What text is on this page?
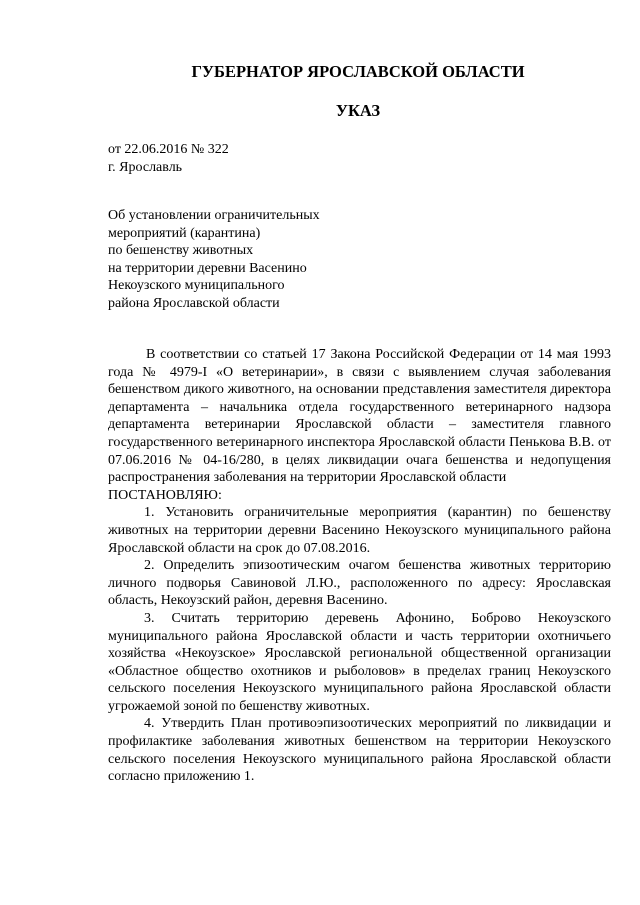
ГУБЕРНАТОР ЯРОСЛАВСКОЙ ОБЛАСТИ
УКАЗ
от 22.06.2016 № 322
г. Ярославль
Об установлении ограничительных
мероприятий (карантина)
по бешенству животных
на территории деревни Васенино
Некоузского муниципального
района Ярославской области

В соответствии со статьей 17 Закона Российской Федерации от 14 мая 1993 года № 4979-I «О ветеринарии», в связи с выявлением случая заболевания бешенством дикого животного, на основании представления заместителя директора департамента – начальника отдела государственного ветеринарного надзора департамента ветеринарии Ярославской области – заместителя главного государственного ветеринарного инспектора Ярославской области Пенькова В.В. от 07.06.2016 № 04-16/280, в целях ликвидации очага бешенства и недопущения распространения заболевания на территории Ярославской области

ПОСТАНОВЛЯЮ:

1. Установить ограничительные мероприятия (карантин) по бешенству животных на территории деревни Васенино Некоузского муниципального района Ярославской области на срок до 07.08.2016.

2. Определить эпизоотическим очагом бешенства животных территорию личного подворья Савиновой Л.Ю., расположенного по адресу: Ярославская область, Некоузский район, деревня Васенино.

3. Считать территорию деревень Афонино, Боброво Некоузского муниципального района Ярославской области и часть территории охотничьего хозяйства «Некоузское» Ярославской региональной общественной организации «Областное общество охотников и рыболовов» в пределах границ Некоузского сельского поселения Некоузского муниципального района Ярославской области угрожаемой зоной по бешенству животных.

4. Утвердить План противоэпизоотических мероприятий по ликвидации и профилактике заболевания животных бешенством на территории Некоузского сельского поселения Некоузского муниципального района Ярославской области согласно приложению 1.
